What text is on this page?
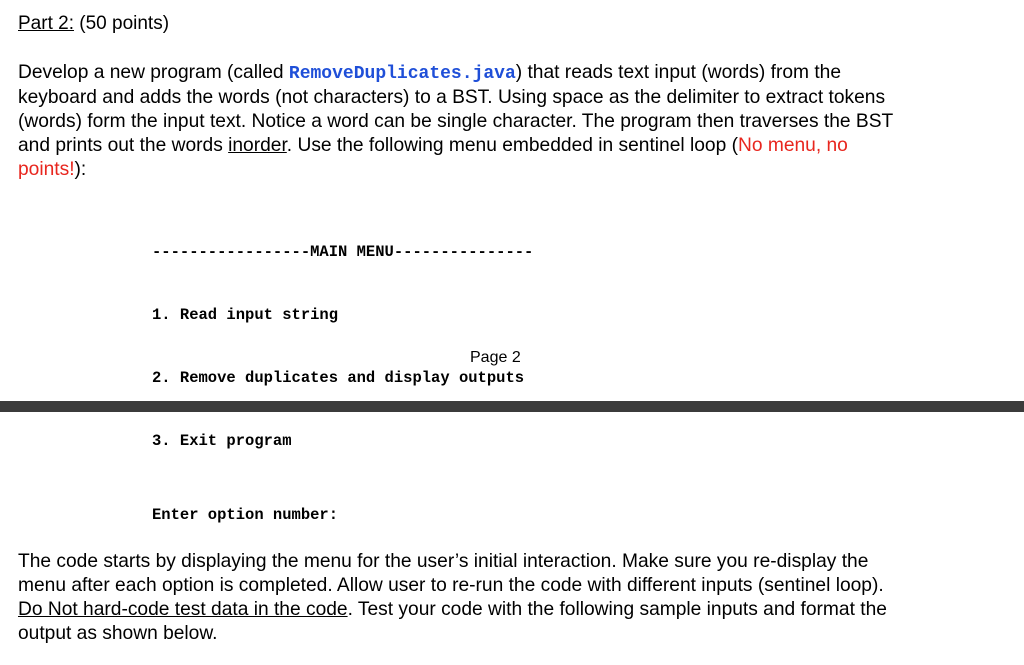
Part 2: (50 points)
Develop a new program (called RemoveDuplicates.java) that reads text input (words) from the
keyboard and adds the words (not characters) to a BST. Using space as the delimiter to extract tokens
(words) form the input text. Notice a word can be single character. The program then traverses the BST
and prints out the words inorder. Use the following menu embedded in sentinel loop (No menu, no
points!):

-----------------MAIN MENU---------------

1. Read input string

2. Remove duplicates and display outputs

3. Exit program

Page 2
Enter option number:
The code starts by displaying the menu for the user’s initial interaction. Make sure you re-display the
menu after each option is completed. Allow user to re-run the code with different inputs (sentinel loop).
Do Not hard-code test data in the code. Test your code with the following sample inputs and format the
output as shown below.
